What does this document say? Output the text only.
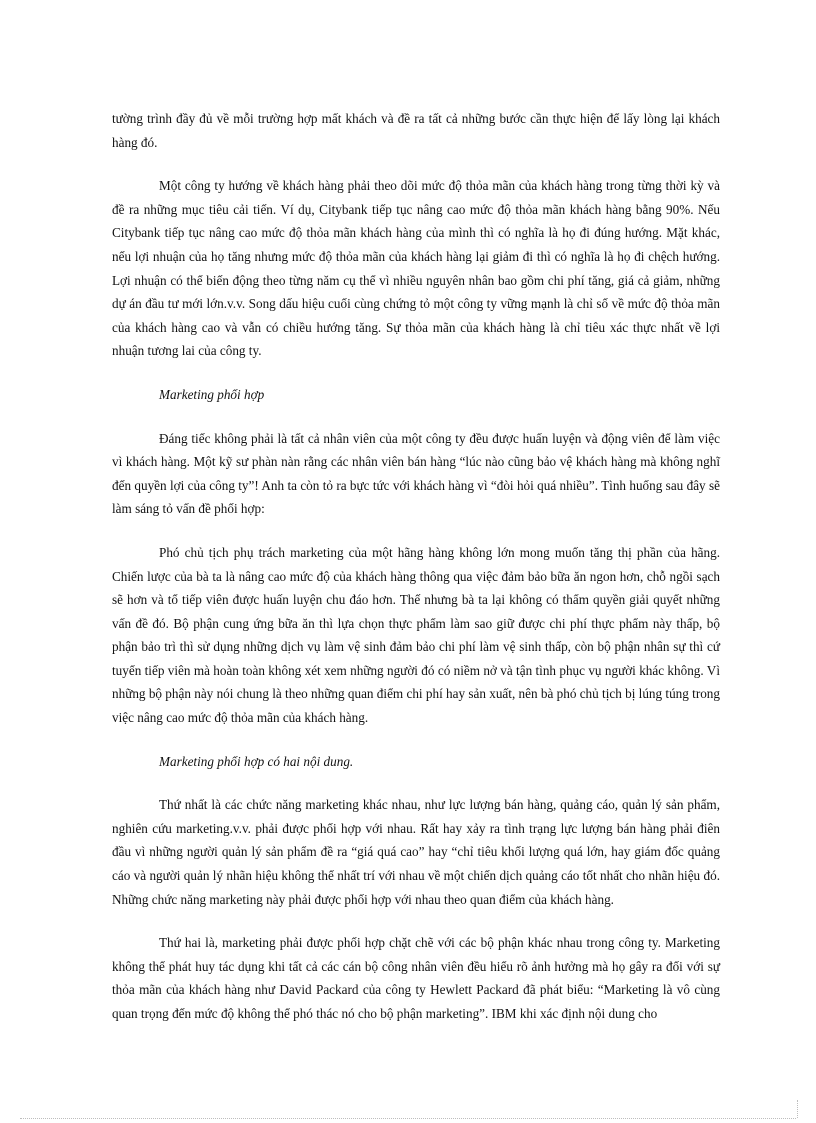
tường trình đầy đủ về mỗi trường hợp mất khách và đề ra tất cả những bước cần thực hiện để lấy lòng lại khách hàng đó.

Một công ty hướng về khách hàng phải theo dõi mức độ thỏa mãn của khách hàng trong từng thời kỳ và đề ra những mục tiêu cải tiến. Ví dụ, Citybank tiếp tục nâng cao mức độ thỏa mãn khách hàng bằng 90%. Nếu Citybank tiếp tục nâng cao mức độ thỏa mãn khách hàng của mình thì có nghĩa là họ đi đúng hướng. Mặt khác, nếu lợi nhuận của họ tăng nhưng mức độ thỏa mãn của khách hàng lại giảm đi thì có nghĩa là họ đi chệch hướng. Lợi nhuận có thể biến động theo từng năm cụ thể vì nhiều nguyên nhân bao gồm chi phí tăng, giá cả giảm, những dự án đầu tư mới lớn.v.v. Song dấu hiệu cuối cùng chứng tỏ một công ty vững mạnh là chỉ số về mức độ thỏa mãn của khách hàng cao và vẫn có chiều hướng tăng. Sự thỏa mãn của khách hàng là chỉ tiêu xác thực nhất về lợi nhuận tương lai của công ty.

Marketing phối hợp

Đáng tiếc không phải là tất cả nhân viên của một công ty đều được huấn luyện và động viên để làm việc vì khách hàng. Một kỹ sư phàn nàn rằng các nhân viên bán hàng “lúc nào cũng bảo vệ khách hàng mà không nghĩ đến quyền lợi của công ty”! Anh ta còn tỏ ra bực tức với khách hàng vì “đòi hỏi quá nhiều”. Tình huống sau đây sẽ làm sáng tỏ vấn đề phối hợp:

Phó chủ tịch phụ trách marketing của một hãng hàng không lớn mong muốn tăng thị phần của hãng. Chiến lược của bà ta là nâng cao mức độ của khách hàng thông qua việc đảm bảo bữa ăn ngon hơn, chỗ ngồi sạch sẽ hơn và tổ tiếp viên được huấn luyện chu đáo hơn. Thế nhưng bà ta lại không có thẩm quyền giải quyết những vấn đề đó. Bộ phận cung ứng bữa ăn thì lựa chọn thực phẩm làm sao giữ được chi phí thực phẩm này thấp, bộ phận bảo trì thì sử dụng những dịch vụ làm vệ sinh đảm bảo chi phí làm vệ sinh thấp, còn bộ phận nhân sự thì cứ tuyển tiếp viên mà hoàn toàn không xét xem những người đó có niềm nở và tận tình phục vụ người khác không. Vì những bộ phận này nói chung là theo những quan điểm chi phí hay sản xuất, nên bà phó chủ tịch bị lúng túng trong việc nâng cao mức độ thỏa mãn của khách hàng.

Marketing phối hợp có hai nội dung.

Thứ nhất là các chức năng marketing khác nhau, như lực lượng bán hàng, quảng cáo, quản lý sản phẩm, nghiên cứu marketing.v.v. phải được phối hợp với nhau. Rất hay xảy ra tình trạng lực lượng bán hàng phải điên đầu vì những người quản lý sản phẩm đề ra “giá quá cao” hay “chỉ tiêu khối lượng quá lớn, hay giám đốc quảng cáo và người quản lý nhãn hiệu không thể nhất trí với nhau về một chiến dịch quảng cáo tốt nhất cho nhãn hiệu đó. Những chức năng marketing này phải được phối hợp với nhau theo quan điểm của khách hàng.

Thứ hai là, marketing phải được phối hợp chặt chẽ với các bộ phận khác nhau trong công ty. Marketing không thể phát huy tác dụng khi tất cả các cán bộ công nhân viên đều hiểu rõ ảnh hưởng mà họ gây ra đối với sự thỏa mãn của khách hàng như David Packard của công ty Hewlett Packard đã phát biểu: “Marketing là vô cùng quan trọng đến mức độ không thể phó thác nó cho bộ phận marketing”. IBM khi xác định nội dung cho
